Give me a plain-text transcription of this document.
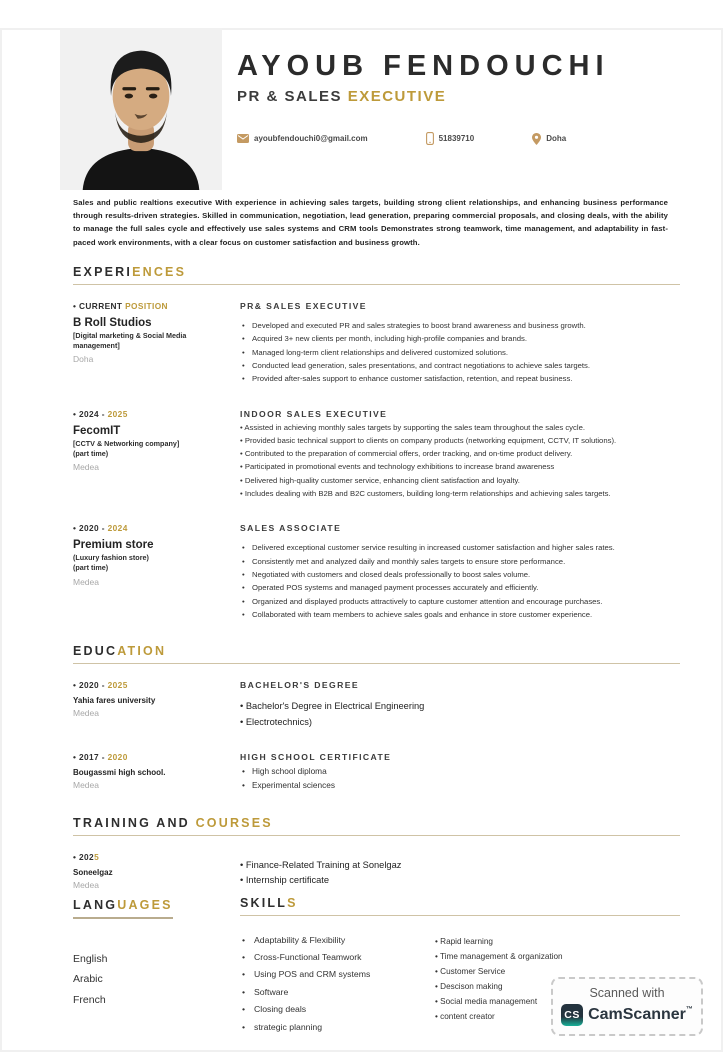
AYOUB FENDOUCHI
PR & SALES EXECUTIVE
ayoubfendouchi0@gmail.com	51839710	Doha

Sales and public realtions executive With experience in achieving sales targets, building strong client relationships, and enhancing business performance through results-driven strategies. Skilled in communication, negotiation, lead generation, preparing commercial proposals, and closing deals, with the ability to manage the full sales cycle and effectively use sales systems and CRM tools Demonstrates strong teamwork, time management, and adaptability in fast-paced work environments, with a clear focus on customer satisfaction and business growth.

EXPERIENCES
• CURRENT POSITION
B Roll Studios
[Digital marketing & Social Media management]
Doha
PR& SALES EXECUTIVE
• Developed and executed PR and sales strategies to boost brand awareness and business growth.
• Acquired 3+ new clients per month, including high-profile companies and brands.
• Managed long-term client relationships and delivered customized solutions.
• Conducted lead generation, sales presentations, and contract negotiations to achieve sales targets.
• Provided after-sales support to enhance customer satisfaction, retention, and repeat business.
• 2024 - 2025
FecomIT
[CCTV & Networking company]
(part time)
Medea
INDOOR SALES EXECUTIVE
• Assisted in achieving monthly sales targets by supporting the sales team throughout the sales cycle.
• Provided basic technical support to clients on company products (networking equipment, CCTV, IT solutions).
• Contributed to the preparation of commercial offers, order tracking, and on-time product delivery.
• Participated in promotional events and technology exhibitions to increase brand awareness
• Delivered high-quality customer service, enhancing client satisfaction and loyalty.
• Includes dealing with B2B and B2C customers, building long-term relationships and achieving sales targets.
• 2020 - 2024
Premium store
(Luxury fashion store)
(part time)
Medea
SALES ASSOCIATE
• Delivered exceptional customer service resulting in increased customer satisfaction and higher sales rates.
• Consistently met and analyzed daily and monthly sales targets to ensure store performance.
• Negotiated with customers and closed deals professionally to boost sales volume.
• Operated POS systems and managed payment processes accurately and efficiently.
• Organized and displayed products attractively to capture customer attention and encourage purchases.
• Collaborated with team members to achieve sales goals and enhance in store customer experience.
EDUCATION
• 2020 - 2025
Yahia fares university
Medea
BACHELOR'S DEGREE
• Bachelor's Degree in Electrical Engineering
• Electrotechnics)
• 2017 - 2020
Bougassmi high school.
Medea
HIGH SCHOOL CERTIFICATE
• High school diploma
• Experimental sciences
TRAINING AND COURSES
• 2025
Soneelgaz
Medea
• Finance-Related Training at Sonelgaz
• Internship certificate
LANGUAGES
English
Arabic
French
SKILLS
• Adaptability & Flexibility
• Cross-Functional Teamwork
• Using POS and CRM systems
• Software
• Closing deals
• strategic planning
• Rapid learning
• Time management & organization
• Customer Service
• Descison making
• Social media management
• content creator
Scanned with
CS CamScanner™
